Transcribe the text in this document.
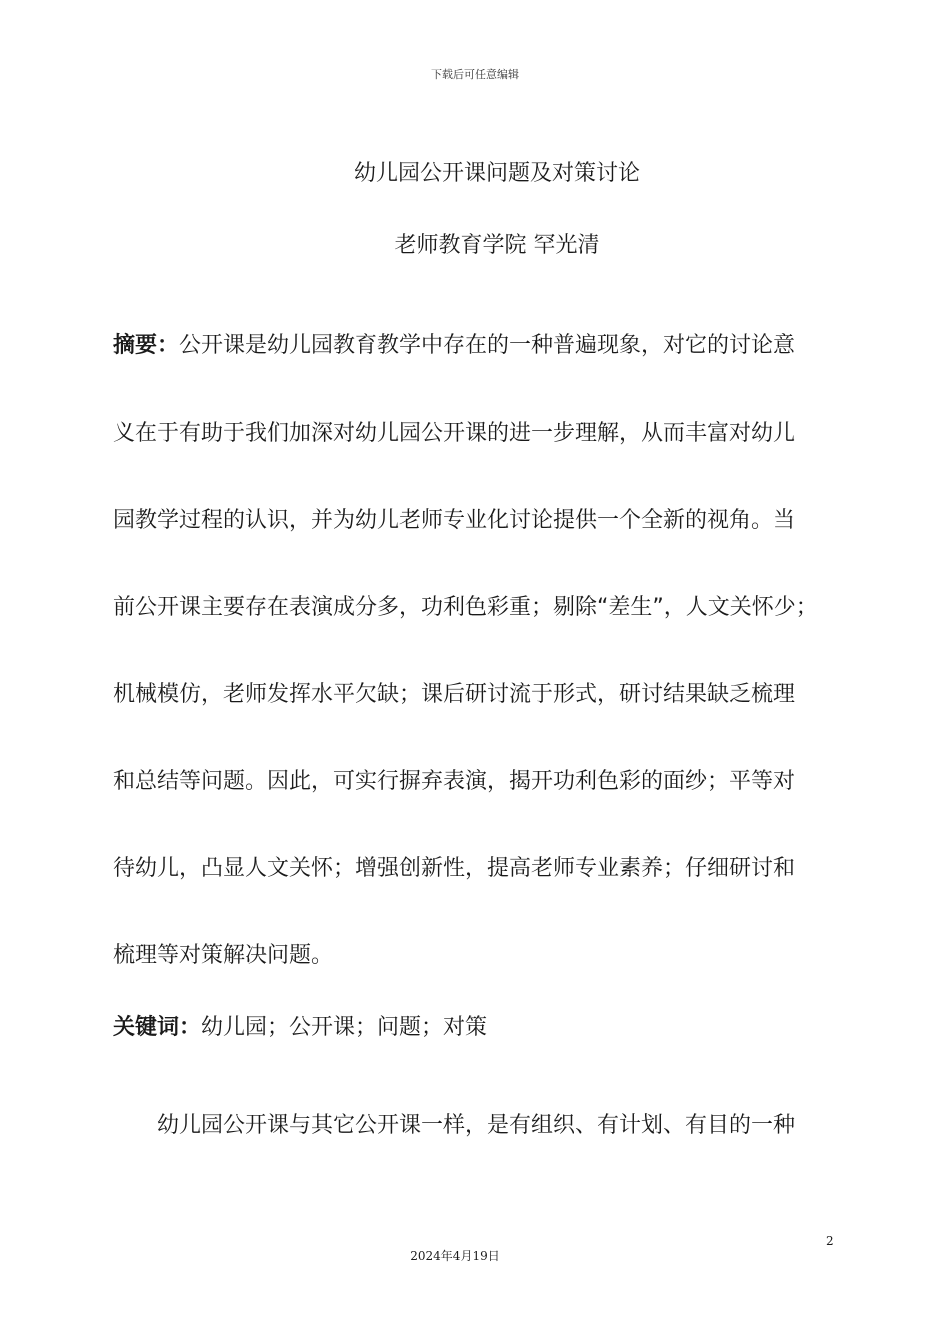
下载后可任意编辑
幼儿园公开课问题及对策讨论
老师教育学院 罕光清
摘要：公开课是幼儿园教育教学中存在的一种普遍现象，对它的讨论意
义在于有助于我们加深对幼儿园公开课的进一步理解，从而丰富对幼儿
园教学过程的认识，并为幼儿老师专业化讨论提供一个全新的视角。当
前公开课主要存在表演成分多，功利色彩重；剔除“差生”，人文关怀少；
机械模仿，老师发挥水平欠缺；课后研讨流于形式，研讨结果缺乏梳理
和总结等问题。因此，可实行摒弃表演，揭开功利色彩的面纱；平等对
待幼儿，凸显人文关怀；增强创新性，提高老师专业素养；仔细研讨和
梳理等对策解决问题。
关键词：幼儿园；公开课；问题；对策
　　幼儿园公开课与其它公开课一样，是有组织、有计划、有目的一种
2
2024年4月19日
